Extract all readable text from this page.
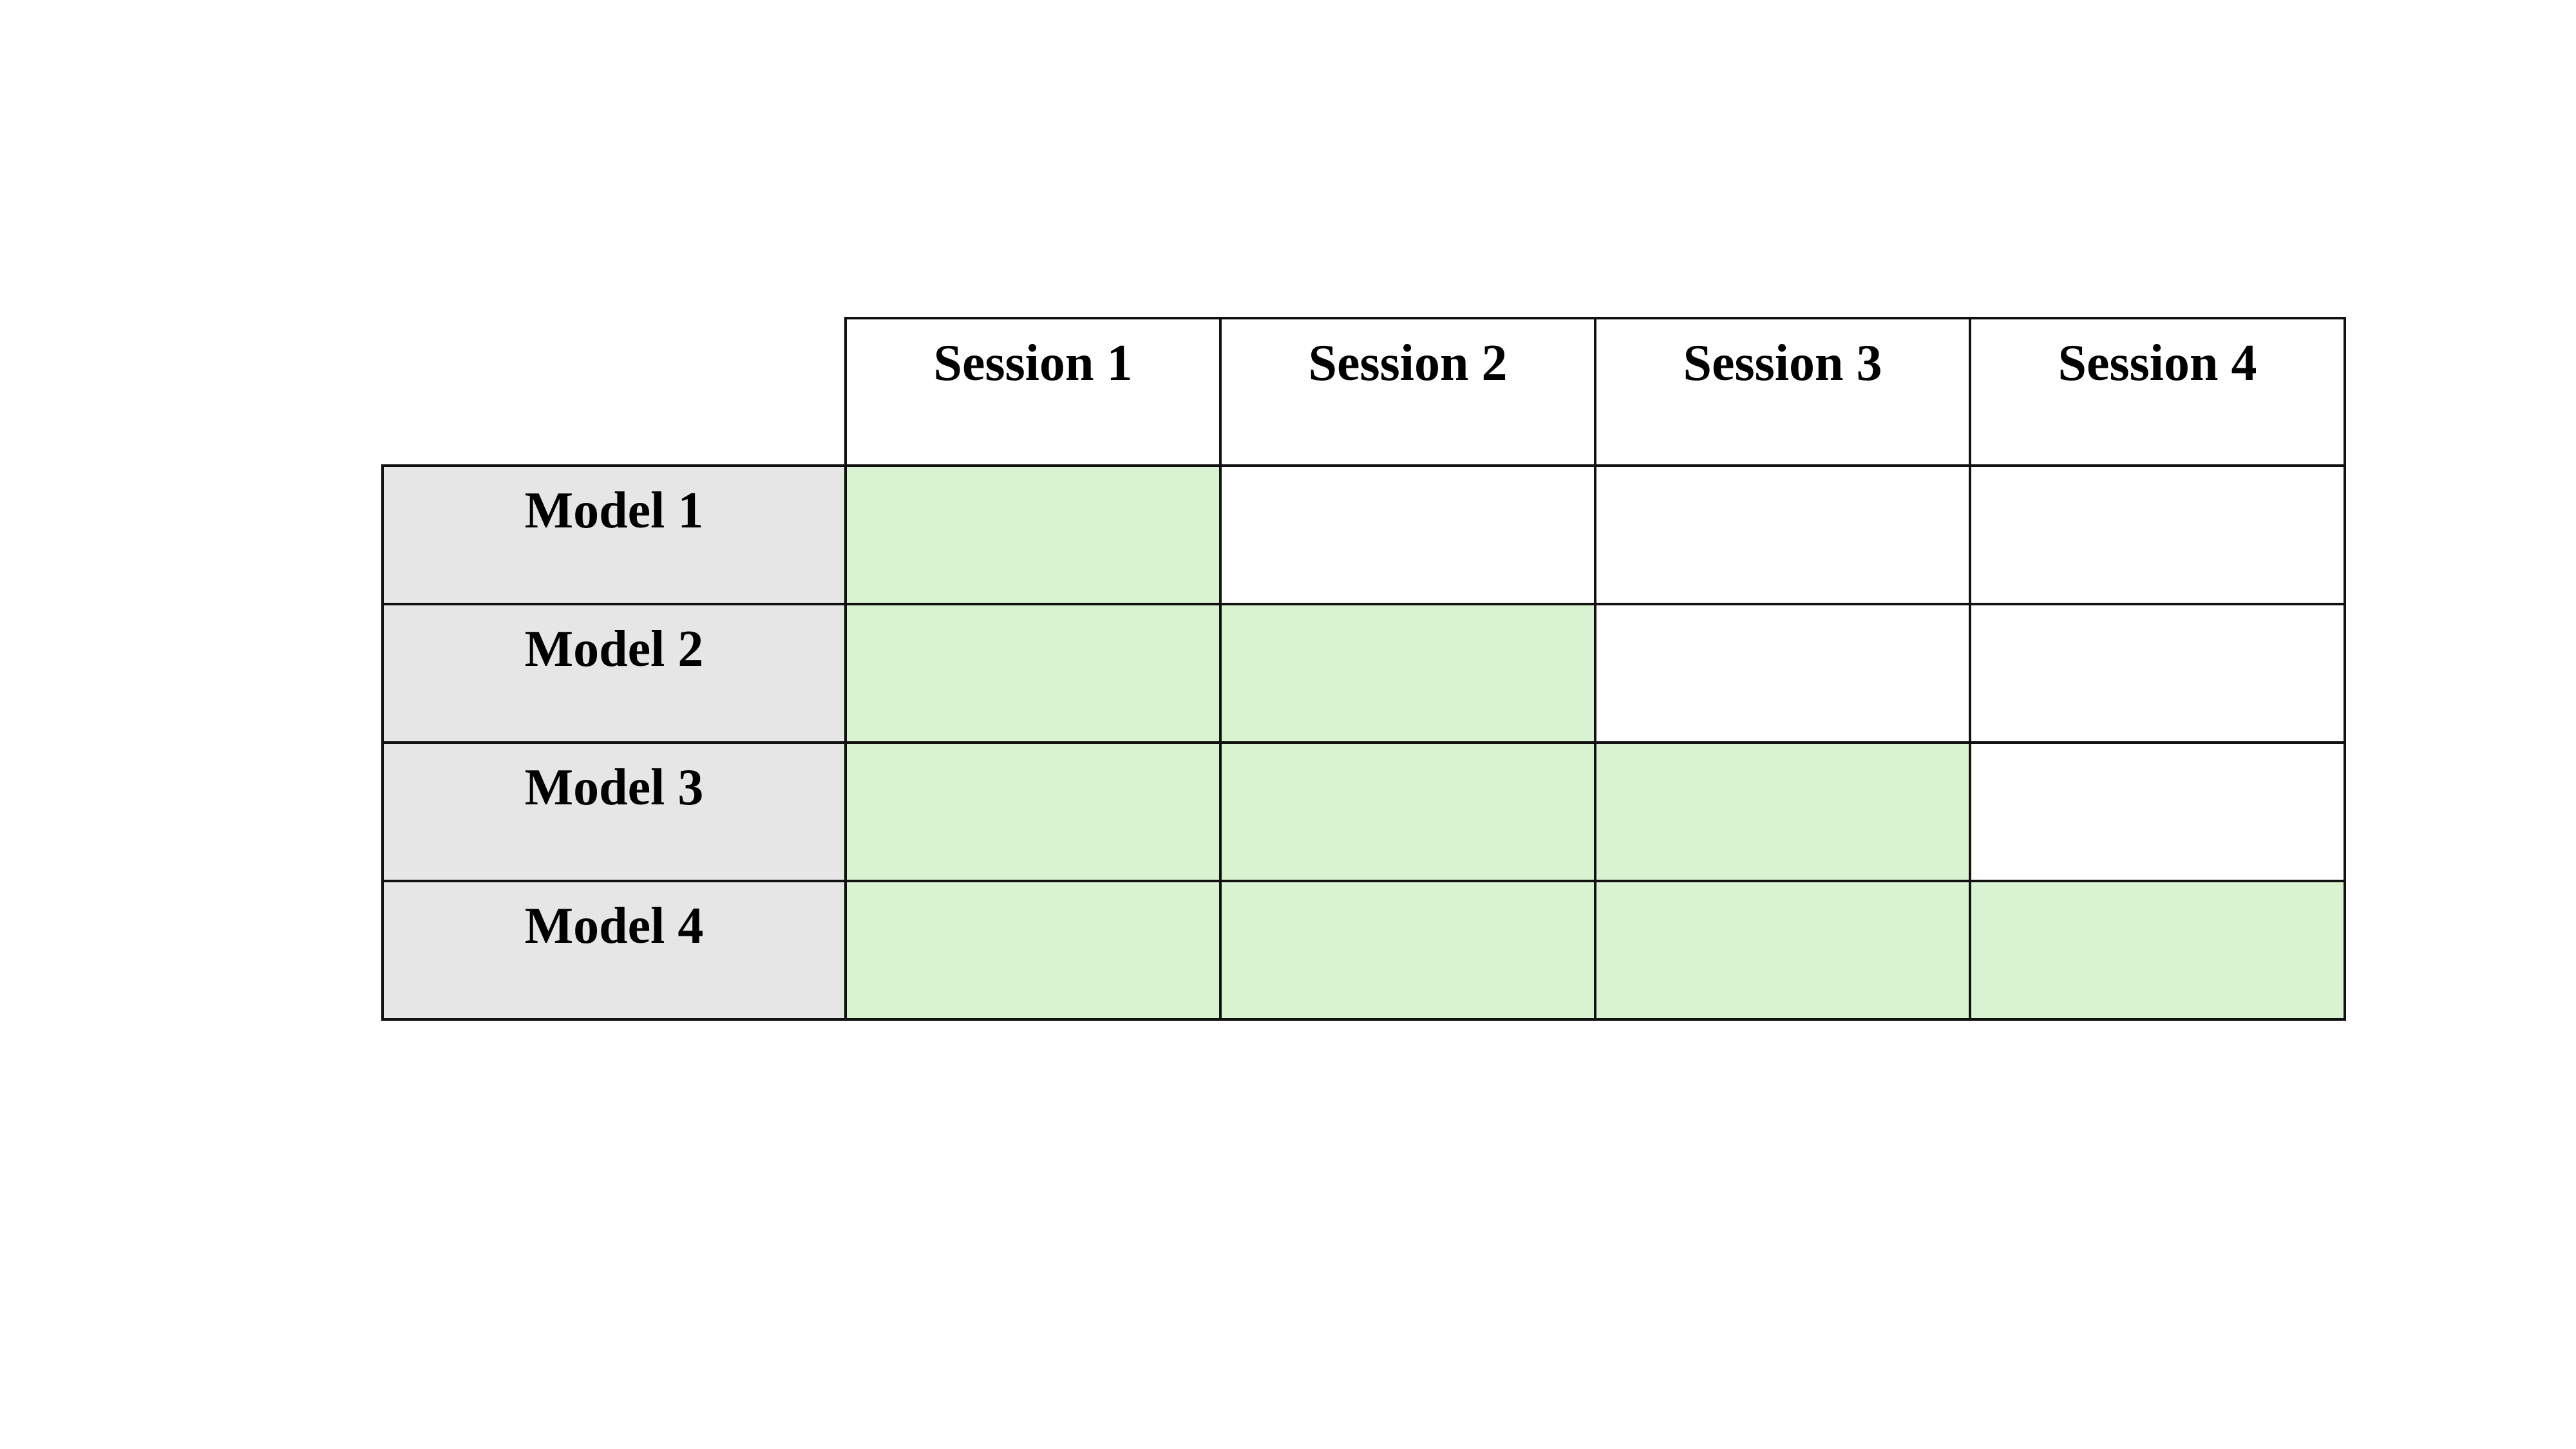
Session 1	Session 2	Session 3	Session 4
Model 1
Model 2
Model 3
Model 4
